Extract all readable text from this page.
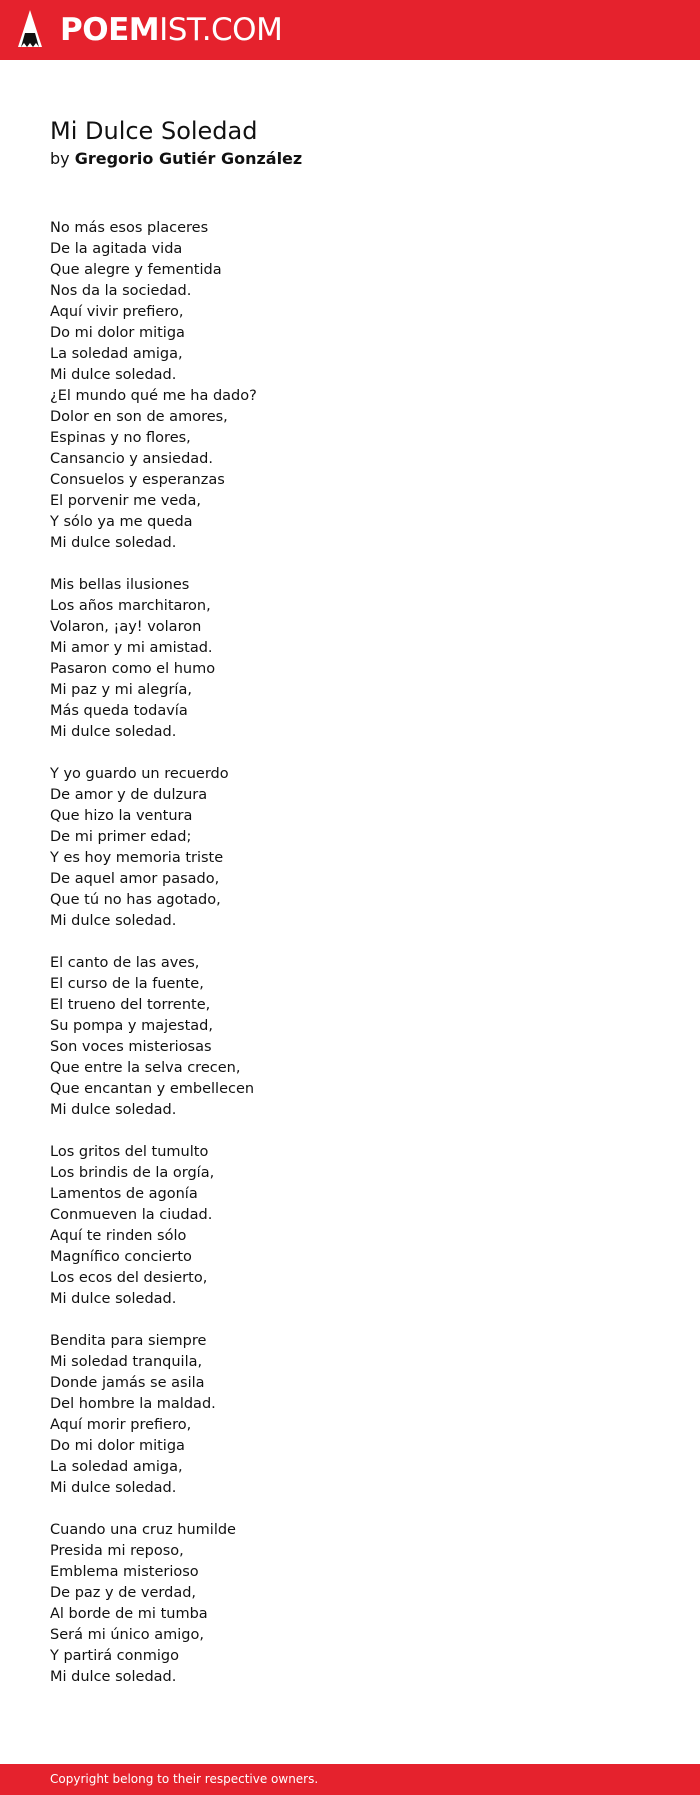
POEMIST.COM
Mi Dulce Soledad
by Gregorio Gutiér González
No más esos placeres
De la agitada vida
Que alegre y fementida
Nos da la sociedad.
Aquí vivir prefiero,
Do mi dolor mitiga
La soledad amiga,
Mi dulce soledad.
¿El mundo qué me ha dado?
Dolor en son de amores,
Espinas y no flores,
Cansancio y ansiedad.
Consuelos y esperanzas
El porvenir me veda,
Y sólo ya me queda
Mi dulce soledad.
Mis bellas ilusiones
Los años marchitaron,
Volaron, ¡ay! volaron
Mi amor y mi amistad.
Pasaron como el humo
Mi paz y mi alegría,
Más queda todavía
Mi dulce soledad.
Y yo guardo un recuerdo
De amor y de dulzura
Que hizo la ventura
De mi primer edad;
Y es hoy memoria triste
De aquel amor pasado,
Que tú no has agotado,
Mi dulce soledad.
El canto de las aves,
El curso de la fuente,
El trueno del torrente,
Su pompa y majestad,
Son voces misteriosas
Que entre la selva crecen,
Que encantan y embellecen
Mi dulce soledad.
Los gritos del tumulto
Los brindis de la orgía,
Lamentos de agonía
Conmueven la ciudad.
Aquí te rinden sólo
Magnífico concierto
Los ecos del desierto,
Mi dulce soledad.
Bendita para siempre
Mi soledad tranquila,
Donde jamás se asila
Del hombre la maldad.
Aquí morir prefiero,
Do mi dolor mitiga
La soledad amiga,
Mi dulce soledad.
Cuando una cruz humilde
Presida mi reposo,
Emblema misterioso
De paz y de verdad,
Al borde de mi tumba
Será mi único amigo,
Y partirá conmigo
Mi dulce soledad.
Copyright belong to their respective owners.
